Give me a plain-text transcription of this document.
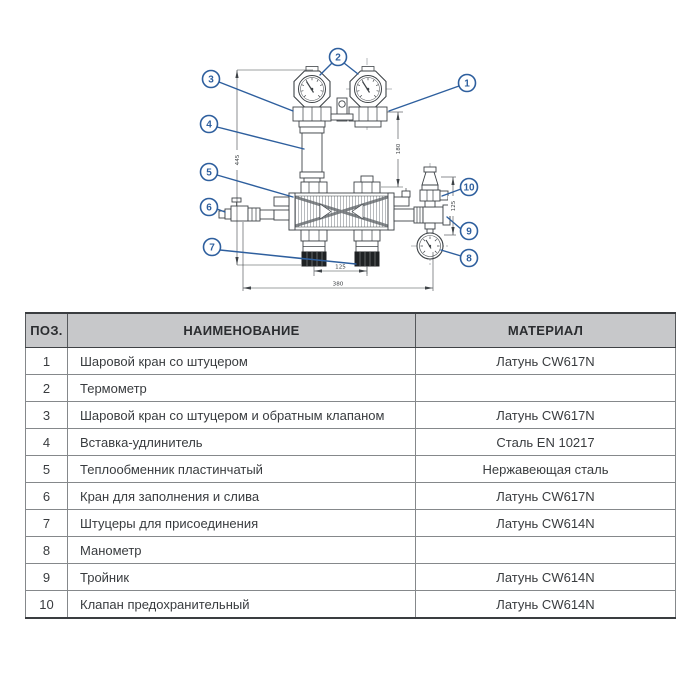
445
180
125
125
380
1
2
3
4
5
6
7
8
9
10
ПОЗ.	НАИМЕНОВАНИЕ	МАТЕРИАЛ
1	Шаровой кран со штуцером	Латунь CW617N
2	Термометр	
3	Шаровой кран со штуцером и обратным клапаном	Латунь CW617N
4	Вставка-удлинитель	Сталь EN 10217
5	Теплообменник пластинчатый	Нержавеющая сталь
6	Кран для заполнения и слива	Латунь CW617N
7	Штуцеры для присоединения	Латунь CW614N
8	Манометр	
9	Тройник	Латунь CW614N
10	Клапан предохранительный	Латунь CW614N
